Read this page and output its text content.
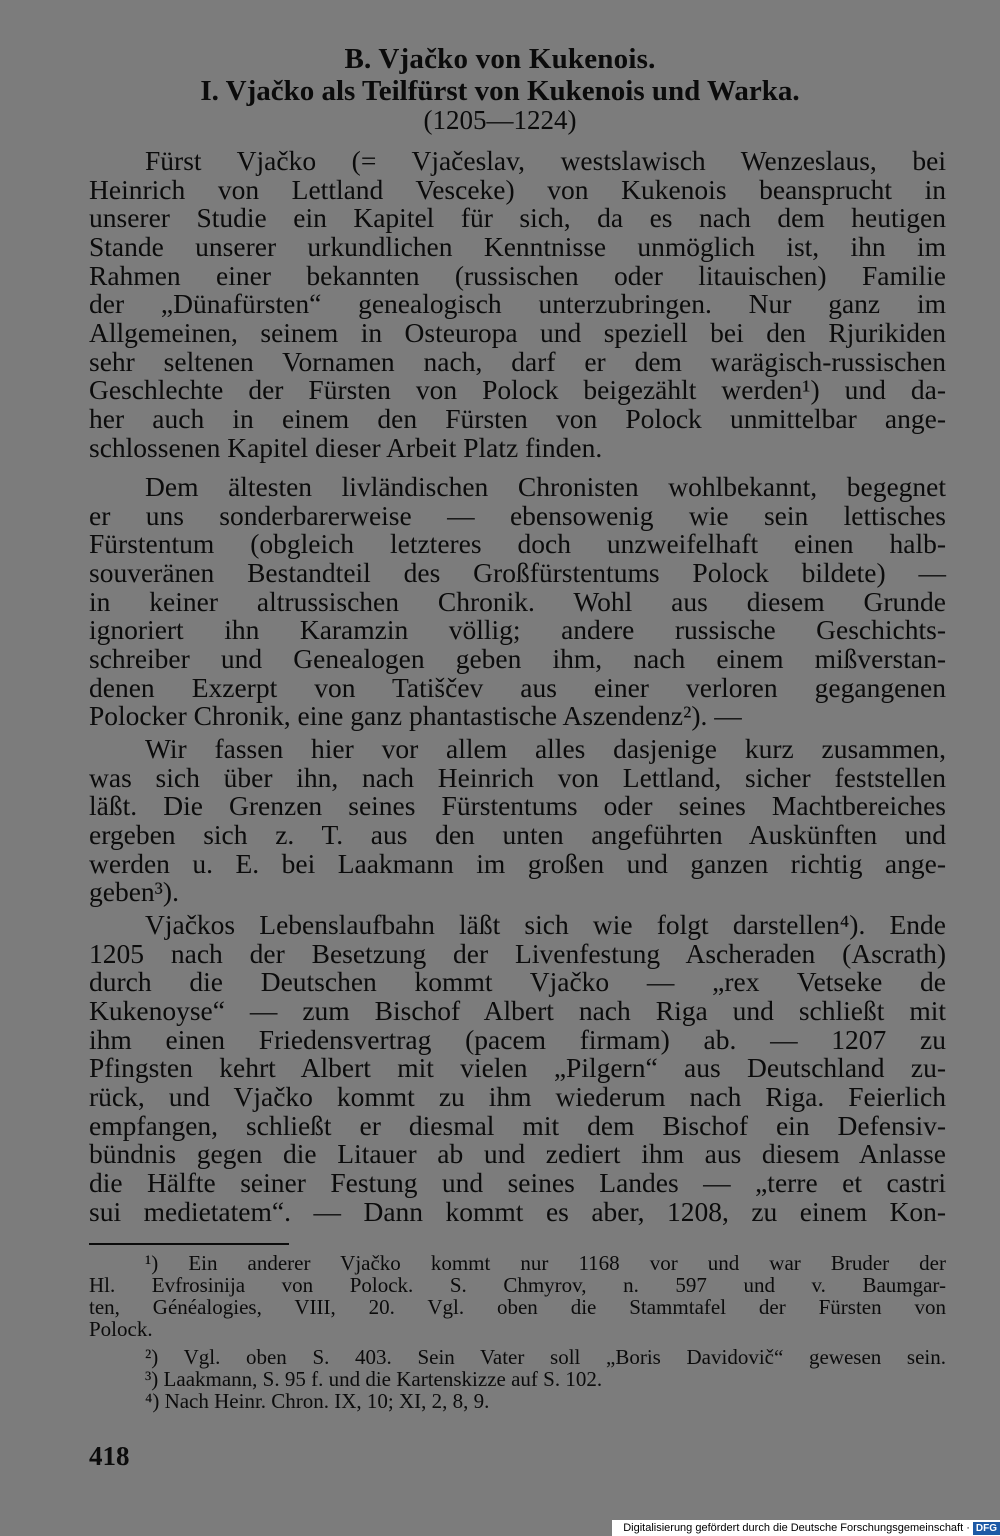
B. Vjačko von Kukenois.
I. Vjačko als Teilfürst von Kukenois und Warka.
(1205—1224)
Fürst Vjačko (= Vjačeslav, westslawisch Wenzeslaus, bei
Heinrich von Lettland Vesceke) von Kukenois beansprucht in
unserer Studie ein Kapitel für sich, da es nach dem heutigen
Stande unserer urkundlichen Kenntnisse unmöglich ist, ihn im
Rahmen einer bekannten (russischen oder litauischen) Familie
der „Dünafürsten“ genealogisch unterzubringen. Nur ganz im
Allgemeinen, seinem in Osteuropa und speziell bei den Rjurikiden
sehr seltenen Vornamen nach, darf er dem warägisch-russischen
Geschlechte der Fürsten von Polock beigezählt werden¹) und da-
her auch in einem den Fürsten von Polock unmittelbar ange-
schlossenen Kapitel dieser Arbeit Platz finden.
Dem ältesten livländischen Chronisten wohlbekannt, begegnet
er uns sonderbarerweise — ebensowenig wie sein lettisches
Fürstentum (obgleich letzteres doch unzweifelhaft einen halb-
souveränen Bestandteil des Großfürstentums Polock bildete) —
in keiner altrussischen Chronik. Wohl aus diesem Grunde
ignoriert ihn Karamzin völlig; andere russische Geschichts-
schreiber und Genealogen geben ihm, nach einem mißverstan-
denen Exzerpt von Tatiščev aus einer verloren gegangenen
Polocker Chronik, eine ganz phantastische Aszendenz²). —
Wir fassen hier vor allem alles dasjenige kurz zusammen,
was sich über ihn, nach Heinrich von Lettland, sicher feststellen
läßt. Die Grenzen seines Fürstentums oder seines Machtbereiches
ergeben sich z. T. aus den unten angeführten Auskünften und
werden u. E. bei Laakmann im großen und ganzen richtig ange-
geben³).
Vjačkos Lebenslaufbahn läßt sich wie folgt darstellen⁴). Ende
1205 nach der Besetzung der Livenfestung Ascheraden (Ascrath)
durch die Deutschen kommt Vjačko — „rex Vetseke de
Kukenoyse“ — zum Bischof Albert nach Riga und schließt mit
ihm einen Friedensvertrag (pacem firmam) ab. — 1207 zu
Pfingsten kehrt Albert mit vielen „Pilgern“ aus Deutschland zu-
rück, und Vjačko kommt zu ihm wiederum nach Riga. Feierlich
empfangen, schließt er diesmal mit dem Bischof ein Defensiv-
bündnis gegen die Litauer ab und zediert ihm aus diesem Anlasse
die Hälfte seiner Festung und seines Landes — „terre et castri
sui medietatem“. — Dann kommt es aber, 1208, zu einem Kon-
¹) Ein anderer Vjačko kommt nur 1168 vor und war Bruder der
Hl. Evfrosinija von Polock. S. Chmyrov, n. 597 und v. Baumgar-
ten, Généalogies, VIII, 20. Vgl. oben die Stammtafel der Fürsten von
Polock.
²) Vgl. oben S. 403. Sein Vater soll „Boris Davidovič“ gewesen sein.
³) Laakmann, S. 95 f. und die Kartenskizze auf S. 102.
⁴) Nach Heinr. Chron. IX, 10; XI, 2, 8, 9.
418
Digitalisierung gefördert durch die Deutsche Forschungsgemeinschaft · DFG
